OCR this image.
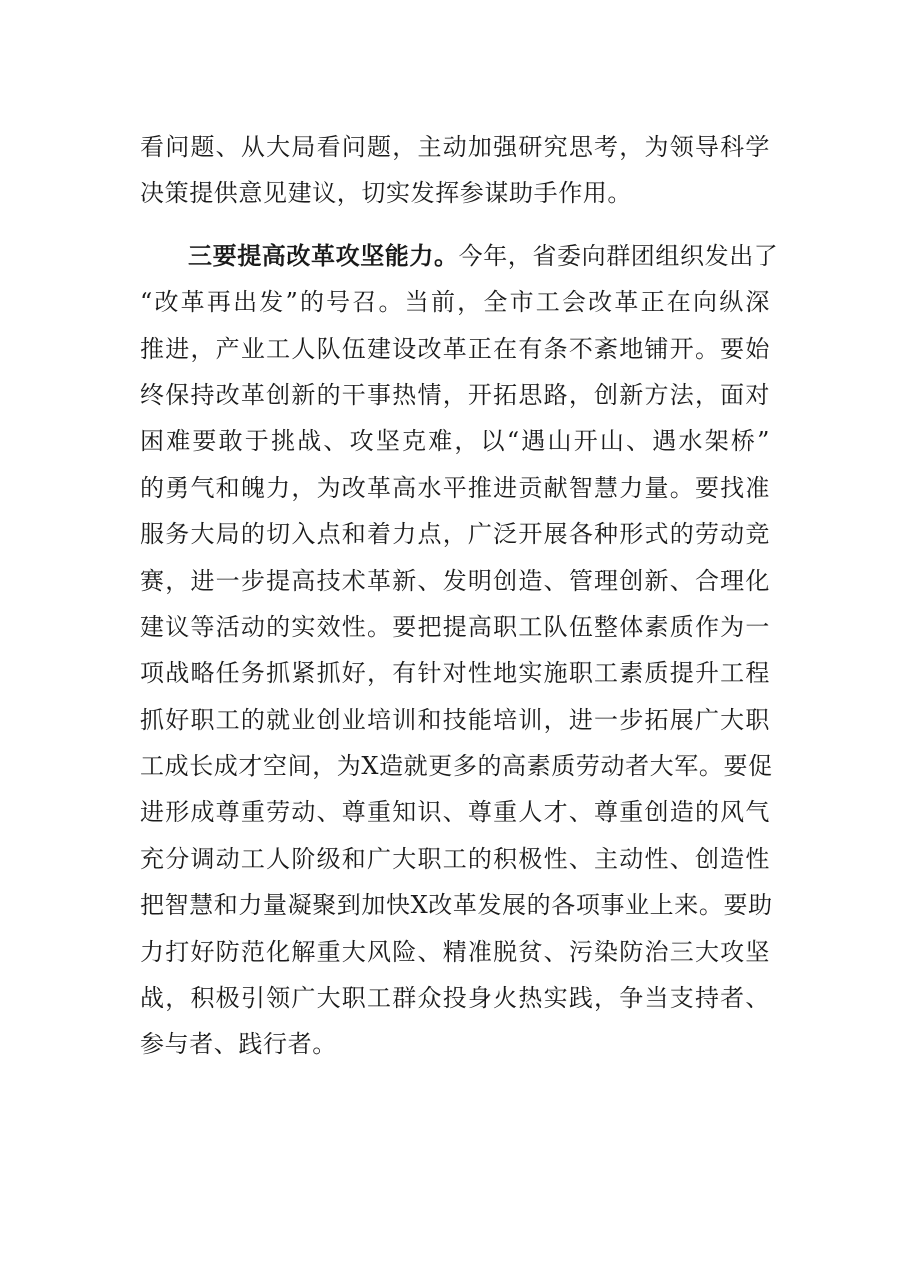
看问题、从大局看问题，主动加强研究思考，为领导科学
决策提供意见建议，切实发挥参谋助手作用。
三要提高改革攻坚能力。今年，省委向群团组织发出了
“改革再出发”的号召。当前，全市工会改革正在向纵深
推进，产业工人队伍建设改革正在有条不紊地铺开。要始
终保持改革创新的干事热情，开拓思路，创新方法，面对
困难要敢于挑战、攻坚克难，以“遇山开山、遇水架桥”
的勇气和魄力，为改革高水平推进贡献智慧力量。要找准
服务大局的切入点和着力点，广泛开展各种形式的劳动竞
赛，进一步提高技术革新、发明创造、管理创新、合理化
建议等活动的实效性。要把提高职工队伍整体素质作为一
项战略任务抓紧抓好，有针对性地实施职工素质提升工程
抓好职工的就业创业培训和技能培训，进一步拓展广大职
工成长成才空间，为X造就更多的高素质劳动者大军。要促
进形成尊重劳动、尊重知识、尊重人才、尊重创造的风气
充分调动工人阶级和广大职工的积极性、主动性、创造性
把智慧和力量凝聚到加快X改革发展的各项事业上来。要助
力打好防范化解重大风险、精准脱贫、污染防治三大攻坚
战，积极引领广大职工群众投身火热实践，争当支持者、
参与者、践行者。
